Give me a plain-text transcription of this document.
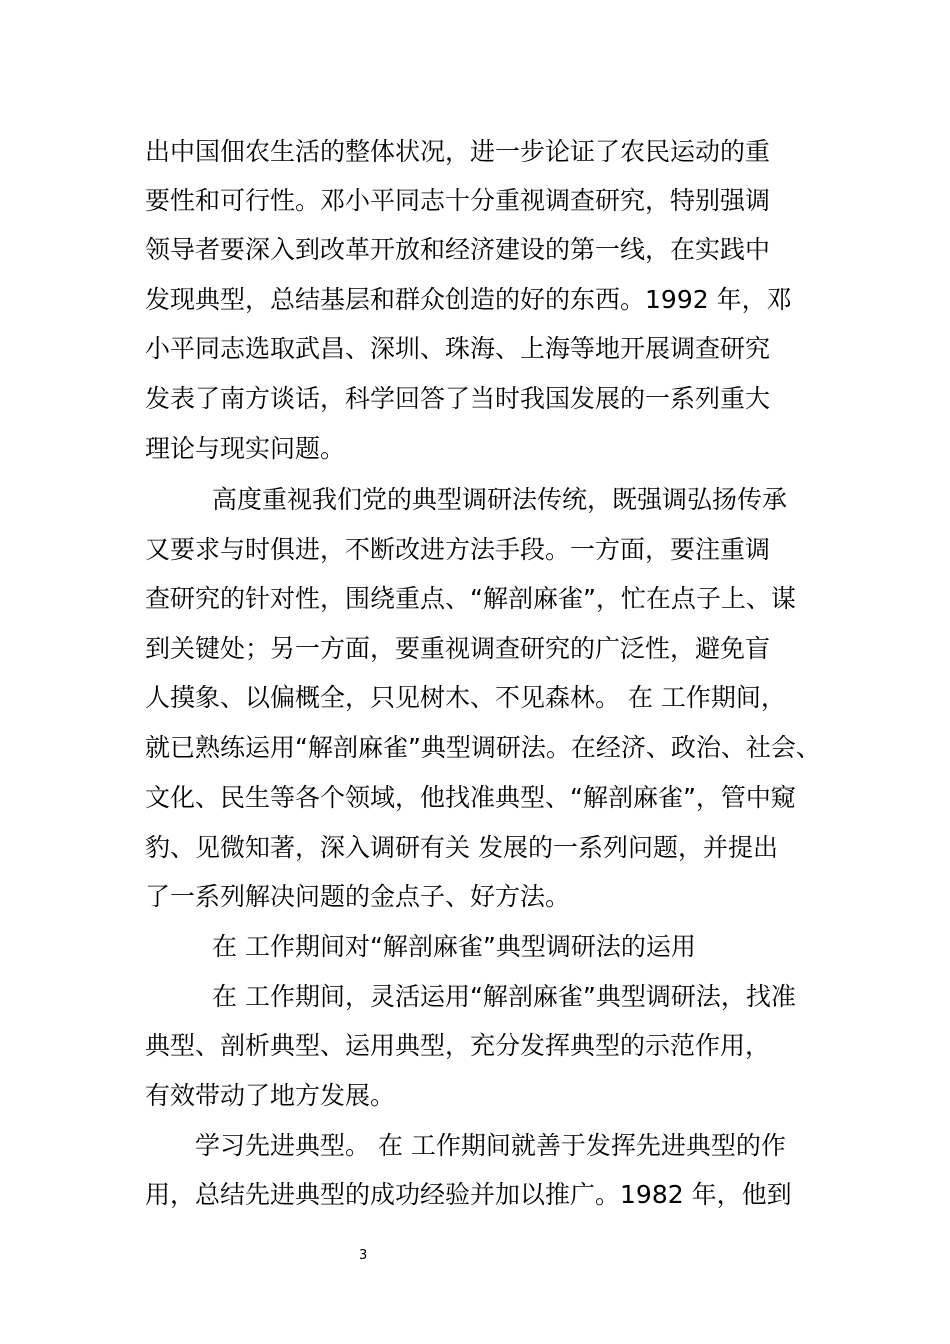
出中国佃农生活的整体状况，进一步论证了农民运动的重
要性和可行性。邓小平同志十分重视调查研究，特别强调
领导者要深入到改革开放和经济建设的第一线，在实践中
发现典型，总结基层和群众创造的好的东西。1992 年，邓
小平同志选取武昌、深圳、珠海、上海等地开展调查研究
发表了南方谈话，科学回答了当时我国发展的一系列重大
理论与现实问题。
高度重视我们党的典型调研法传统，既强调弘扬传承
又要求与时俱进，不断改进方法手段。一方面，要注重调
查研究的针对性，围绕重点、“解剖麻雀”，忙在点子上、谋
到关键处；另一方面，要重视调查研究的广泛性，避免盲
人摸象、以偏概全，只见树木、不见森林。 在 工作期间，
就已熟练运用“解剖麻雀”典型调研法。在经济、政治、社会、
文化、民生等各个领域，他找准典型、“解剖麻雀”，管中窥
豹、见微知著，深入调研有关 发展的一系列问题，并提出
了一系列解决问题的金点子、好方法。
在 工作期间对“解剖麻雀”典型调研法的运用
在 工作期间，灵活运用“解剖麻雀”典型调研法，找准
典型、剖析典型、运用典型，充分发挥典型的示范作用，
有效带动了地方发展。
学习先进典型。 在 工作期间就善于发挥先进典型的作
用，总结先进典型的成功经验并加以推广。1982 年，他到
3
